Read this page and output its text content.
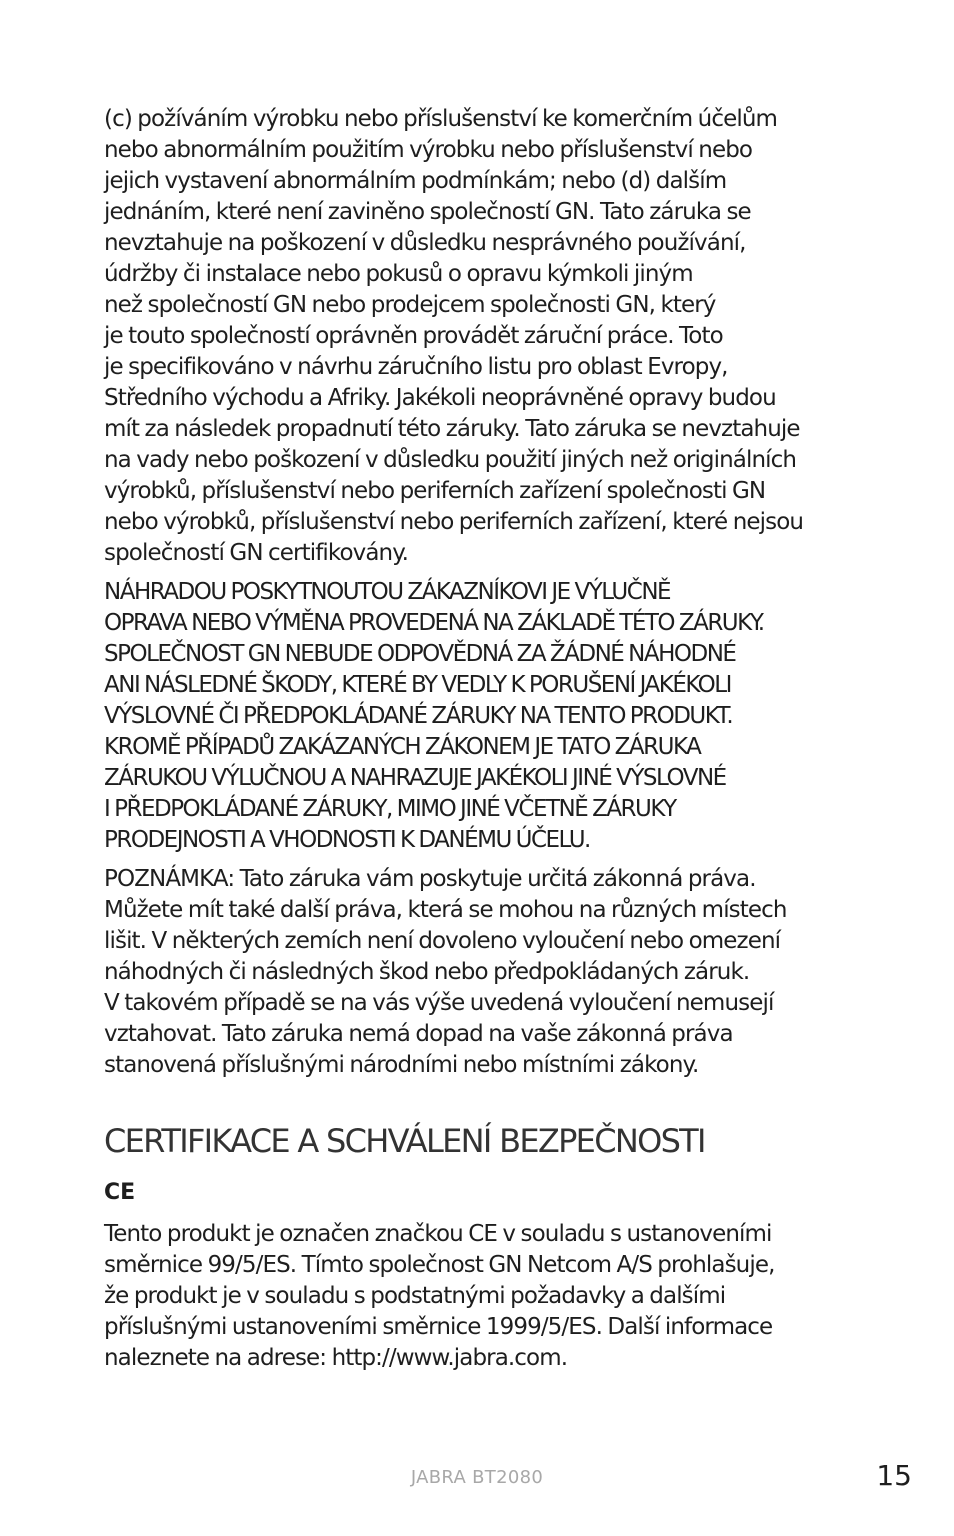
(c) požíváním výrobku nebo příslušenství ke komerčním účelům
nebo abnormálním použitím výrobku nebo příslušenství nebo
jejich vystavení abnormálním podmínkám; nebo (d) dalším
jednáním, které není zaviněno společností GN. Tato záruka se
nevztahuje na poškození v důsledku nesprávného používání,
údržby či instalace nebo pokusů o opravu kýmkoli jiným
než společností GN nebo prodejcem společnosti GN, který
je touto společností oprávněn provádět záruční práce. Toto
je specifikováno v návrhu záručního listu pro oblast Evropy,
Středního východu a Afriky. Jakékoli neoprávněné opravy budou
mít za následek propadnutí této záruky. Tato záruka se nevztahuje
na vady nebo poškození v důsledku použití jiných než originálních
výrobků, příslušenství nebo periferních zařízení společnosti GN
nebo výrobků, příslušenství nebo periferních zařízení, které nejsou
společností GN certifikovány.

NÁHRADOU POSKYTNOUTOU ZÁKAZNÍKOVI JE VÝLUČNĚ
OPRAVA NEBO VÝMĚNA PROVEDENÁ NA ZÁKLADĚ TÉTO ZÁRUKY.
SPOLEČNOST GN NEBUDE ODPOVĚDNÁ ZA ŽÁDNÉ NÁHODNÉ
ANI NÁSLEDNÉ ŠKODY, KTERÉ BY VEDLY K PORUŠENÍ JAKÉKOLI
VÝSLOVNÉ ČI PŘEDPOKLÁDANÉ ZÁRUKY NA TENTO PRODUKT.
KROMĚ PŘÍPADŮ ZAKÁZANÝCH ZÁKONEM JE TATO ZÁRUKA
ZÁRUKOU VÝLUČNOU A NAHRAZUJE JAKÉKOLI JINÉ VÝSLOVNÉ
I PŘEDPOKLÁDANÉ ZÁRUKY, MIMO JINÉ VČETNĚ ZÁRUKY
PRODEJNOSTI A VHODNOSTI K DANÉMU ÚČELU.

POZNÁMKA: Tato záruka vám poskytuje určitá zákonná práva.
Můžete mít také další práva, která se mohou na různých místech
lišit. V některých zemích není dovoleno vyloučení nebo omezení
náhodných či následných škod nebo předpokládaných záruk.
V takovém případě se na vás výše uvedená vyloučení nemusejí
vztahovat. Tato záruka nemá dopad na vaše zákonná práva
stanovená příslušnými národními nebo místními zákony.

CERTIFIKACE A SCHVÁLENÍ BEZPEČNOSTI
CE

Tento produkt je označen značkou CE v souladu s ustanoveními
směrnice 99/5/ES. Tímto společnost GN Netcom A/S prohlašuje,
že produkt je v souladu s podstatnými požadavky a dalšími
příslušnými ustanoveními směrnice 1999/5/ES. Další informace
naleznete na adrese: http://www.jabra.com.

JABRA BT2080	15
